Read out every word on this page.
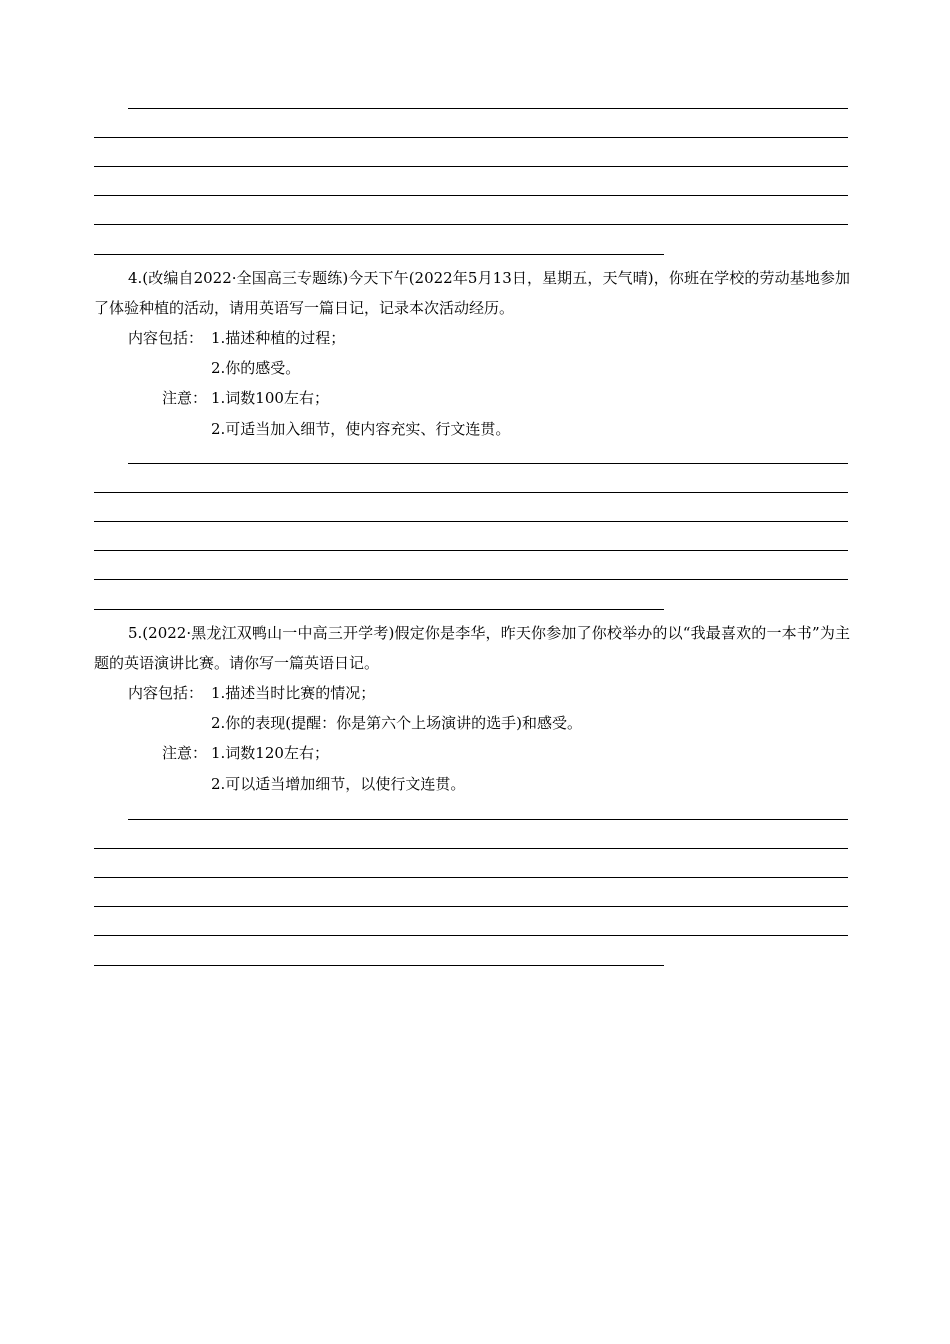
4.(改编自2022·全国高三专题练)今天下午(2022年5月13日，星期五，天气晴)，你班在学校的劳动基地参加了体验种植的活动，请用英语写一篇日记，记录本次活动经历。
内容包括： 1.描述种植的过程；
2.你的感受。
注意： 1.词数100左右；
2.可适当加入细节，使内容充实、行文连贯。
5.(2022·黑龙江双鸭山一中高三开学考)假定你是李华，昨天你参加了你校举办的以“我最喜欢的一本书”为主题的英语演讲比赛。请你写一篇英语日记。
内容包括： 1.描述当时比赛的情况；
2.你的表现(提醒：你是第六个上场演讲的选手)和感受。
注意： 1.词数120左右；
2.可以适当增加细节，以使行文连贯。
